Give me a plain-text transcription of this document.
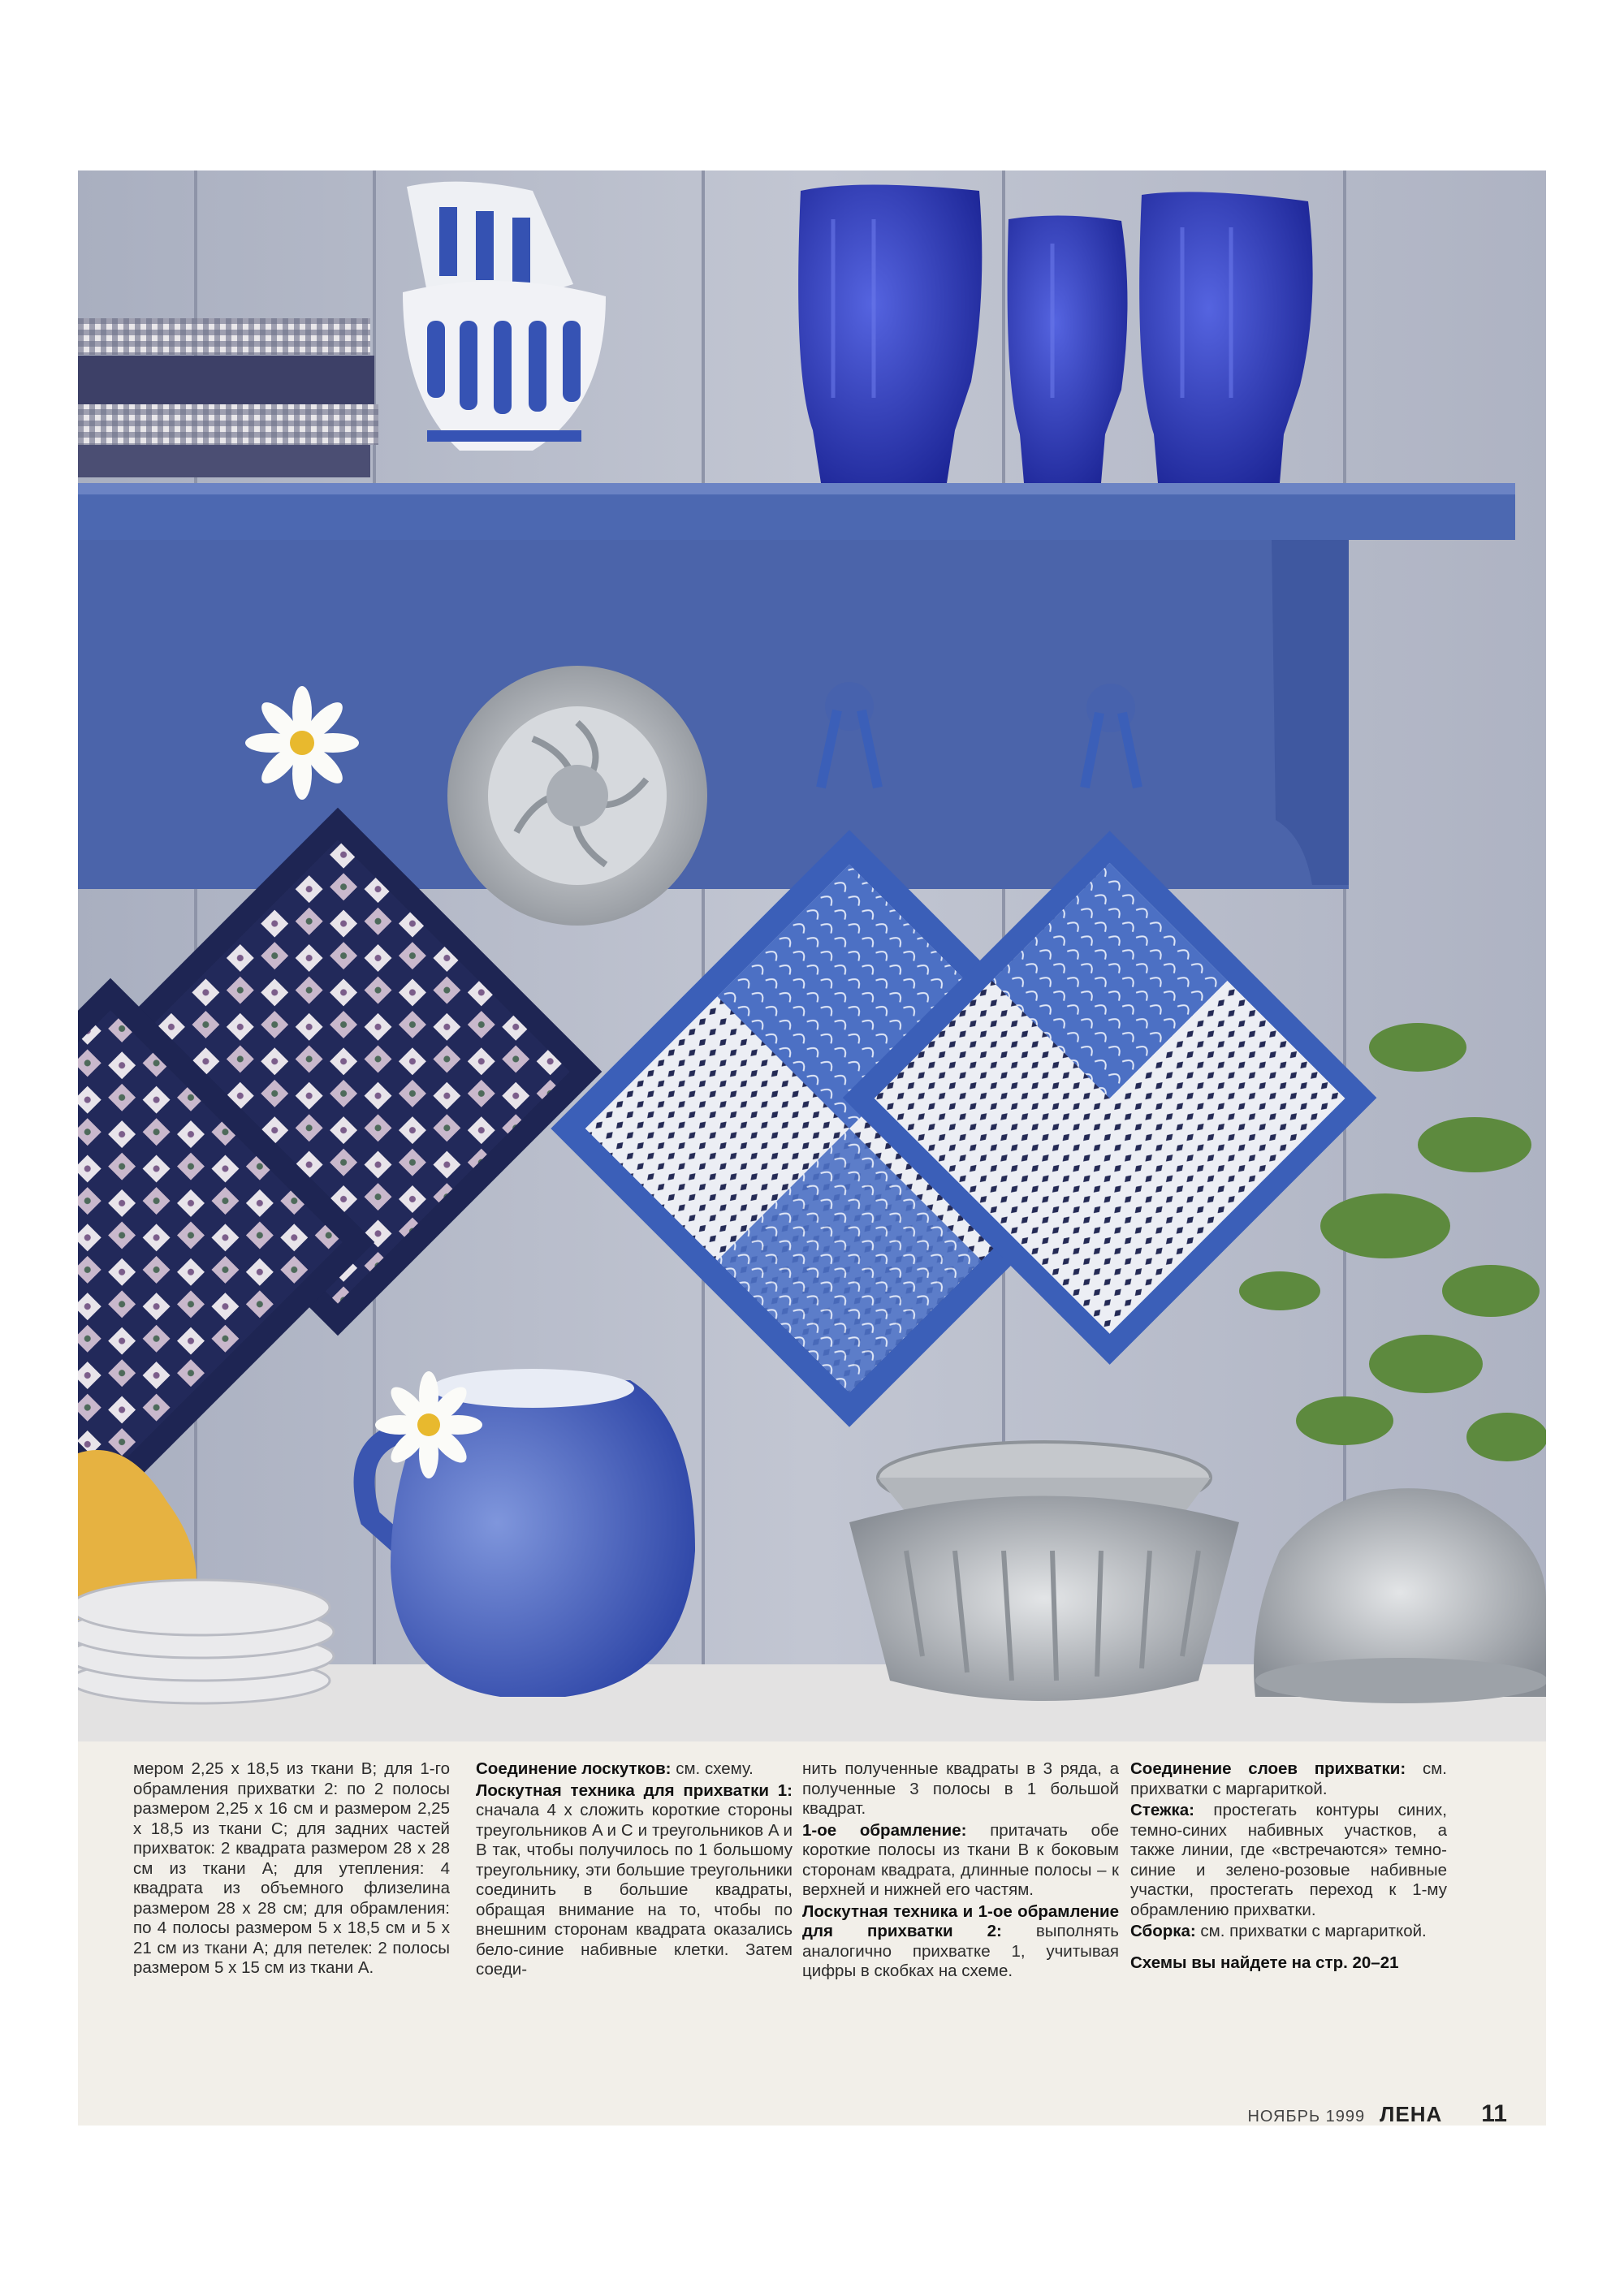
мером 2,25 x 18,5 из ткани B; для 1-го обрамления прихватки 2: по 2 полосы размером 2,25 x 16 см и размером 2,25 x 18,5 из ткани C; для задних частей прихваток: 2 квадрата размером 28 x 28 см из ткани A; для утепления: 4 квадрата из объемного флизелина размером 28 x 28 см; для обрамления: по 4 полосы размером 5 x 18,5 см и 5 x 21 см из ткани A; для петелек: 2 полосы размером 5 x 15 см из ткани A.

Соединение лоскутков: см. схему.

Лоскутная техника для прихватки 1: сначала 4 x сложить короткие стороны треугольников A и C и треугольников A и B так, чтобы получилось по 1 большому треугольнику, эти большие треугольники соединить в большие квадраты, обращая внимание на то, чтобы по внешним сторонам квадрата оказались бело-синие набивные клетки. Затем соеди-

нить полученные квадраты в 3 ряда, а полученные 3 полосы в 1 большой квадрат.

1-ое обрамление: притачать обе короткие полосы из ткани B к боковым сторонам квадрата, длинные полосы – к верхней и нижней его частям.

Лоскутная техника и 1-ое обрамление для прихватки 2: выполнять аналогично прихватке 1, учитывая цифры в скобках на схеме.

Соединение слоев прихватки: см. прихватки с маргариткой.

Стежка: простегать контуры синих, темно-синих набивных участков, а также линии, где «встречаются» темно-синие и зелено-розовые набивные участки, простегать переход к 1-му обрамлению прихватки.

Сборка: см. прихватки с маргариткой.

Схемы вы найдете на стр. 20–21

НОЯБРЬ 1999 ЛЕНА 11
